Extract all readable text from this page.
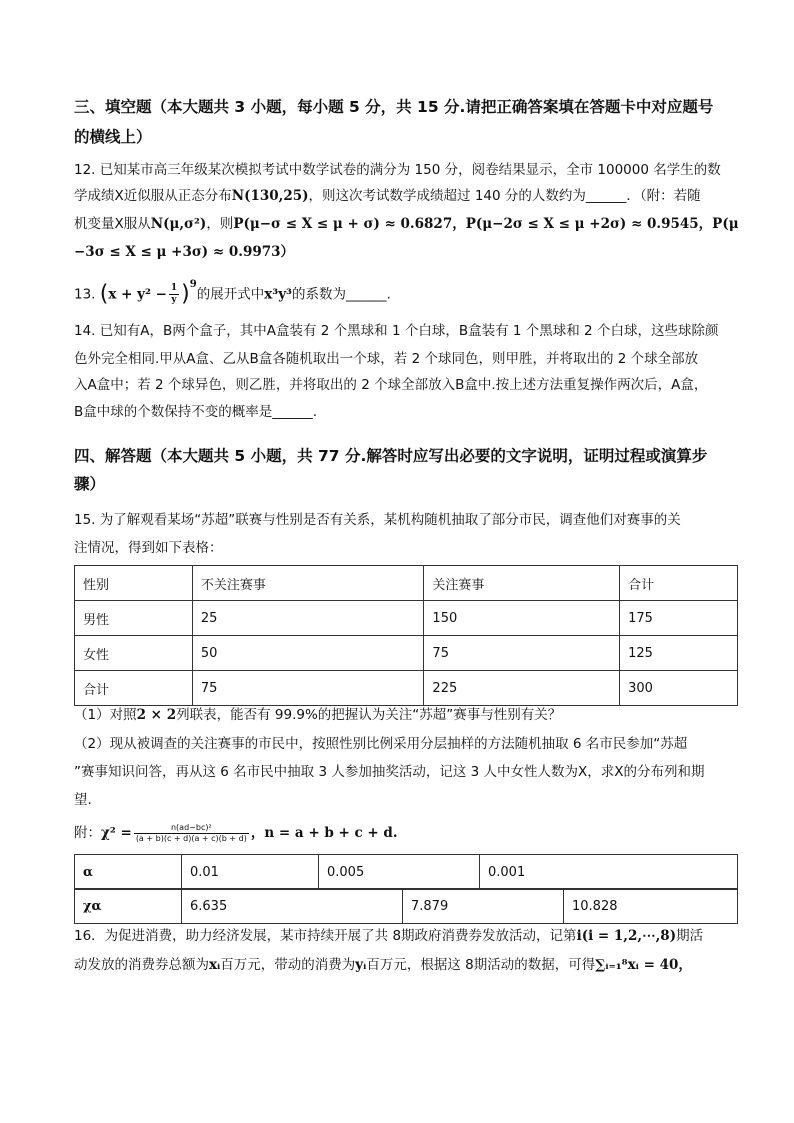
三、填空题（本大题共 3 小题，每小题 5 分，共 15 分.请把正确答案填在答题卡中对应题号
的横线上）
12. 已知某市高三年级某次模拟考试中数学试卷的满分为 150 分，阅卷结果显示，全市 100000 名学生的数
学成绩X近似服从正态分布N(130,25)，则这次考试数学成绩超过 140 分的人数约为______．（附：若随
机变量X服从N(μ,σ²)，则P(μ−σ ≤ X ≤ μ + σ) ≈ 0.6827，P(μ−2σ ≤ X ≤ μ +2σ) ≈ 0.9545，P(μ
−3σ ≤ X ≤ μ +3σ) ≈ 0.9973）
13. $(x + y^2 - \frac{1}{y} )^9$的展开式中x³y³的系数为______.
14. 已知有A，B两个盒子，其中A盒装有 2 个黑球和 1 个白球，B盒装有 1 个黑球和 2 个白球，这些球除颜
色外完全相同.甲从A盒、乙从B盒各随机取出一个球，若 2 个球同色，则甲胜，并将取出的 2 个球全部放
入A盒中；若 2 个球异色，则乙胜，并将取出的 2 个球全部放入B盒中.按上述方法重复操作两次后，A盒，
B盒中球的个数保持不变的概率是______.
四、解答题（本大题共 5 小题，共 77 分.解答时应写出必要的文字说明，证明过程或演算步
骤）
15. 为了解观看某场“苏超”联赛与性别是否有关系，某机构随机抽取了部分市民，调查他们对赛事的关
注情况，得到如下表格：
性别	不关注赛事	关注赛事	合计
男性	25	150	175
女性	50	75	125
合计	75	225	300
（1）对照2 × 2列联表，能否有 99.9%的把握认为关注“苏超”赛事与性别有关？
（2）现从被调查的关注赛事的市民中，按照性别比例采用分层抽样的方法随机抽取 6 名市民参加“苏超
”赛事知识问答，再从这 6 名市民中抽取 3 人参加抽奖活动，记这 3 人中女性人数为X，求X的分布列和期
望.
附：$\chi^2 = \frac{\text{n(ad−bc)²}}{(a + b)(c + d)(a + c)(b + d)}$ ，n = a + b + c + d.
α	0.01	0.005	0.001
χα	6.635	7.879	10.828
16．为促进消费，助力经济发展，某市持续开展了共 8期政府消费券发放活动，记第i(i = 1,2,⋯,8)期活
动发放的消费券总额为xᵢ百万元，带动的消费为yᵢ百万元，根据这 8期活动的数据，可得∑ᵢ₌₁⁸xᵢ = 40，
